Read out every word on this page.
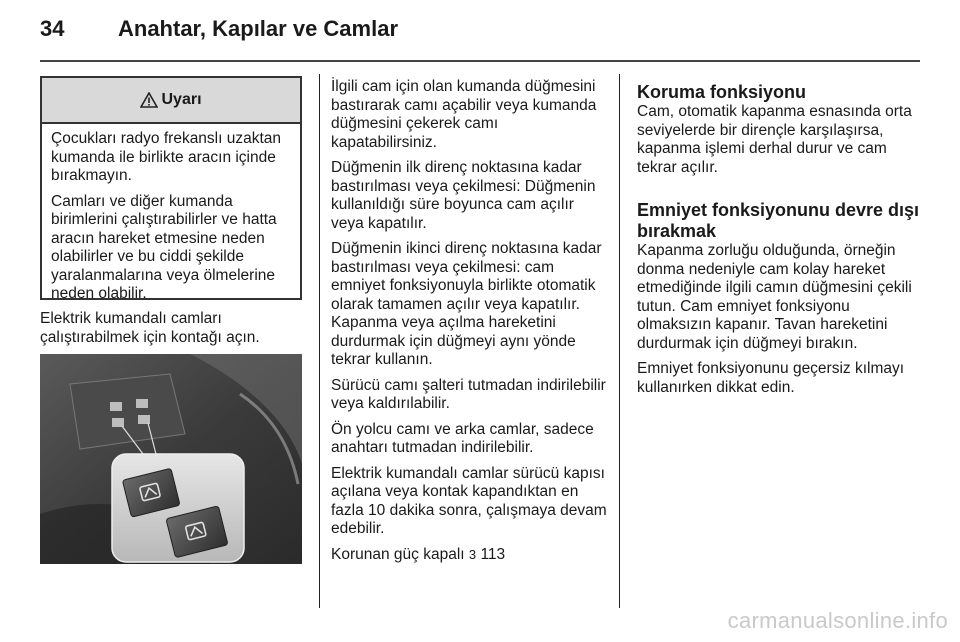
34 Anahtar, Kapılar ve Camlar
Uyarı

Çocukları radyo frekanslı uzaktan kumanda ile birlikte aracın içinde bırakmayın.

Camları ve diğer kumanda birimlerini çalıştırabilirler ve hatta aracın hareket etmesine neden olabilirler ve bu ciddi şekilde yaralanmalarına veya ölmelerine neden olabilir.

Elektrik kumandalı camları çalıştırabilmek için kontağı açın.

İlgili cam için olan kumanda düğmesini bastırarak camı açabilir veya kumanda düğmesini çekerek camı kapatabilirsiniz.

Düğmenin ilk direnç noktasına kadar bastırılması veya çekilmesi: Düğmenin kullanıldığı süre boyunca cam açılır veya kapatılır.

Düğmenin ikinci direnç noktasına kadar bastırılması veya çekilmesi: cam emniyet fonksiyonuyla birlikte otomatik olarak tamamen açılır veya kapatılır. Kapanma veya açılma hareketini durdurmak için düğmeyi aynı yönde tekrar kullanın.

Sürücü camı şalteri tutmadan indirilebilir veya kaldırılabilir.

Ön yolcu camı ve arka camlar, sadece anahtarı tutmadan indirilebilir.

Elektrik kumandalı camlar sürücü kapısı açılana veya kontak kapandıktan en fazla 10 dakika sonra, çalışmaya devam edebilir.

Korunan güç kapalı 3 113

Koruma fonksiyonu

Cam, otomatik kapanma esnasında orta seviyelerde bir dirençle karşılaşırsa, kapanma işlemi derhal durur ve cam tekrar açılır.

Emniyet fonksiyonunu devre dışı bırakmak

Kapanma zorluğu olduğunda, örneğin donma nedeniyle cam kolay hareket etmediğinde ilgili camın düğmesini çekili tutun. Cam emniyet fonksiyonu olmaksızın kapanır. Tavan hareketini durdurmak için düğmeyi bırakın.

Emniyet fonksiyonunu geçersiz kılmayı kullanırken dikkat edin.

carmanualsonline.info
